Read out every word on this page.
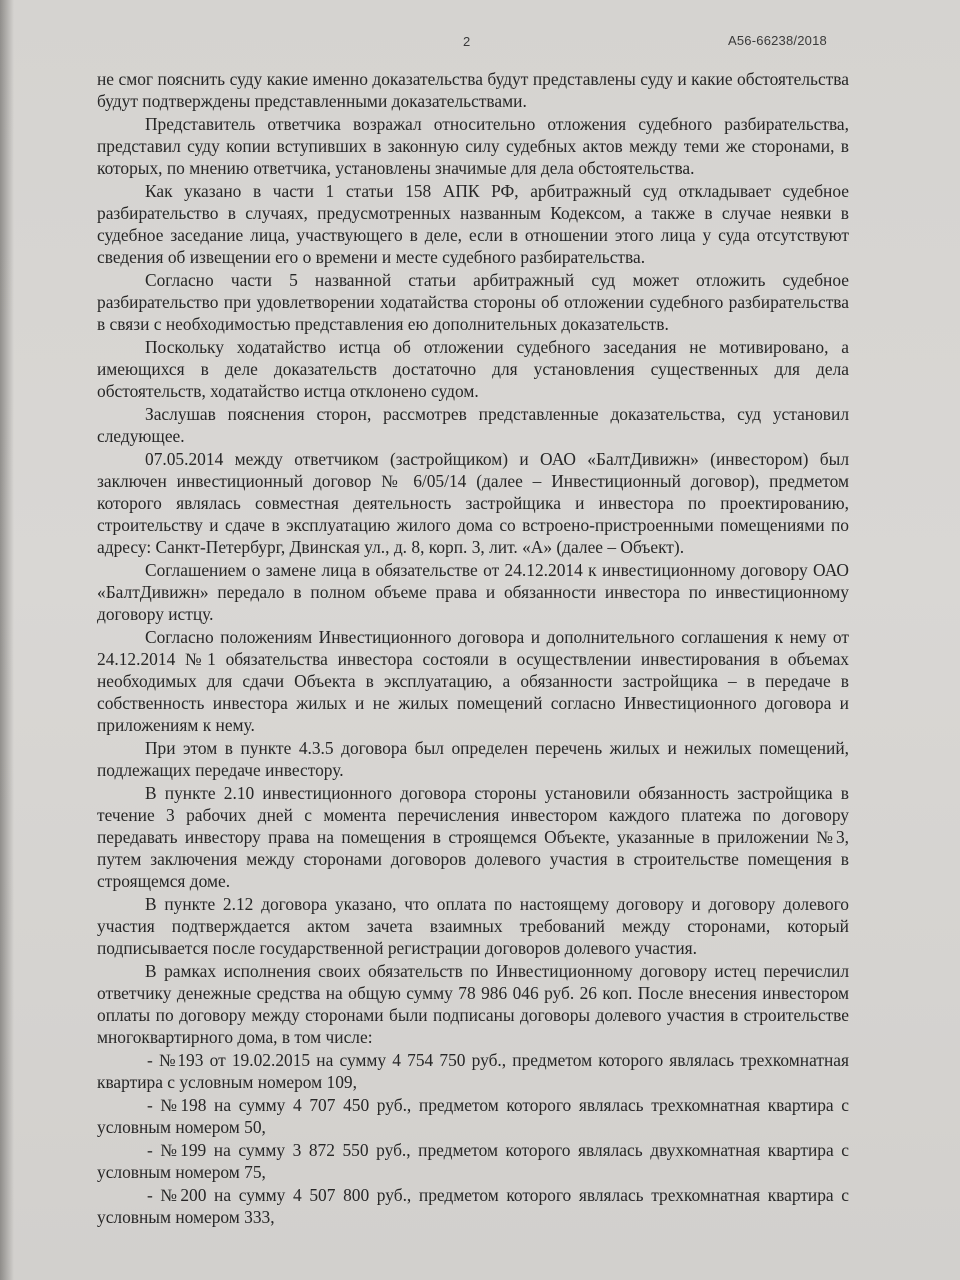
2	А56-66238/2018

не смог пояснить суду какие именно доказательства будут представлены суду и какие обстоятельства будут подтверждены представленными доказательствами.

Представитель ответчика возражал относительно отложения судебного разбирательства, представил суду копии вступивших в законную силу судебных актов между теми же сторонами, в которых, по мнению ответчика, установлены значимые для дела обстоятельства.

Как указано в части 1 статьи 158 АПК РФ, арбитражный суд откладывает судебное разбирательство в случаях, предусмотренных названным Кодексом, а также в случае неявки в судебное заседание лица, участвующего в деле, если в отношении этого лица у суда отсутствуют сведения об извещении его о времени и месте судебного разбирательства.

Согласно части 5 названной статьи арбитражный суд может отложить судебное разбирательство при удовлетворении ходатайства стороны об отложении судебного разбирательства в связи с необходимостью представления ею дополнительных доказательств.

Поскольку ходатайство истца об отложении судебного заседания не мотивировано, а имеющихся в деле доказательств достаточно для установления существенных для дела обстоятельств, ходатайство истца отклонено судом.

Заслушав пояснения сторон, рассмотрев представленные доказательства, суд установил следующее.

07.05.2014 между ответчиком (застройщиком) и ОАО «БалтДивижн» (инвестором) был заключен инвестиционный договор № 6/05/14 (далее – Инвестиционный договор), предметом которого являлась совместная деятельность застройщика и инвестора по проектированию, строительству и сдаче в эксплуатацию жилого дома со встроено-пристроенными помещениями по адресу: Санкт-Петербург, Двинская ул., д. 8, корп. 3, лит. «А» (далее – Объект).

Соглашением о замене лица в обязательстве от 24.12.2014 к инвестиционному договору ОАО «БалтДивижн» передало в полном объеме права и обязанности инвестора по инвестиционному договору истцу.

Согласно положениям Инвестиционного договора и дополнительного соглашения к нему от 24.12.2014 №1 обязательства инвестора состояли в осуществлении инвестирования в объемах необходимых для сдачи Объекта в эксплуатацию, а обязанности застройщика – в передаче в собственность инвестора жилых и не жилых помещений согласно Инвестиционного договора и приложениям к нему.

При этом в пункте 4.3.5 договора был определен перечень жилых и нежилых помещений, подлежащих передаче инвестору.

В пункте 2.10 инвестиционного договора стороны установили обязанность застройщика в течение 3 рабочих дней с момента перечисления инвестором каждого платежа по договору передавать инвестору права на помещения в строящемся Объекте, указанные в приложении №3, путем заключения между сторонами договоров долевого участия в строительстве помещения в строящемся доме.

В пункте 2.12 договора указано, что оплата по настоящему договору и договору долевого участия подтверждается актом зачета взаимных требований между сторонами, который подписывается после государственной регистрации договоров долевого участия.

В рамках исполнения своих обязательств по Инвестиционному договору истец перечислил ответчику денежные средства на общую сумму 78 986 046 руб. 26 коп. После внесения инвестором оплаты по договору между сторонами были подписаны договоры долевого участия в строительстве многоквартирного дома, в том числе:

- №193 от 19.02.2015 на сумму 4 754 750 руб., предметом которого являлась трехкомнатная квартира с условным номером 109,

- №198 на сумму 4 707 450 руб., предметом которого являлась трехкомнатная квартира с условным номером 50,

- №199 на сумму 3 872 550 руб., предметом которого являлась двухкомнатная квартира с условным номером 75,

- №200 на сумму 4 507 800 руб., предметом которого являлась трехкомнатная квартира с условным номером 333,
